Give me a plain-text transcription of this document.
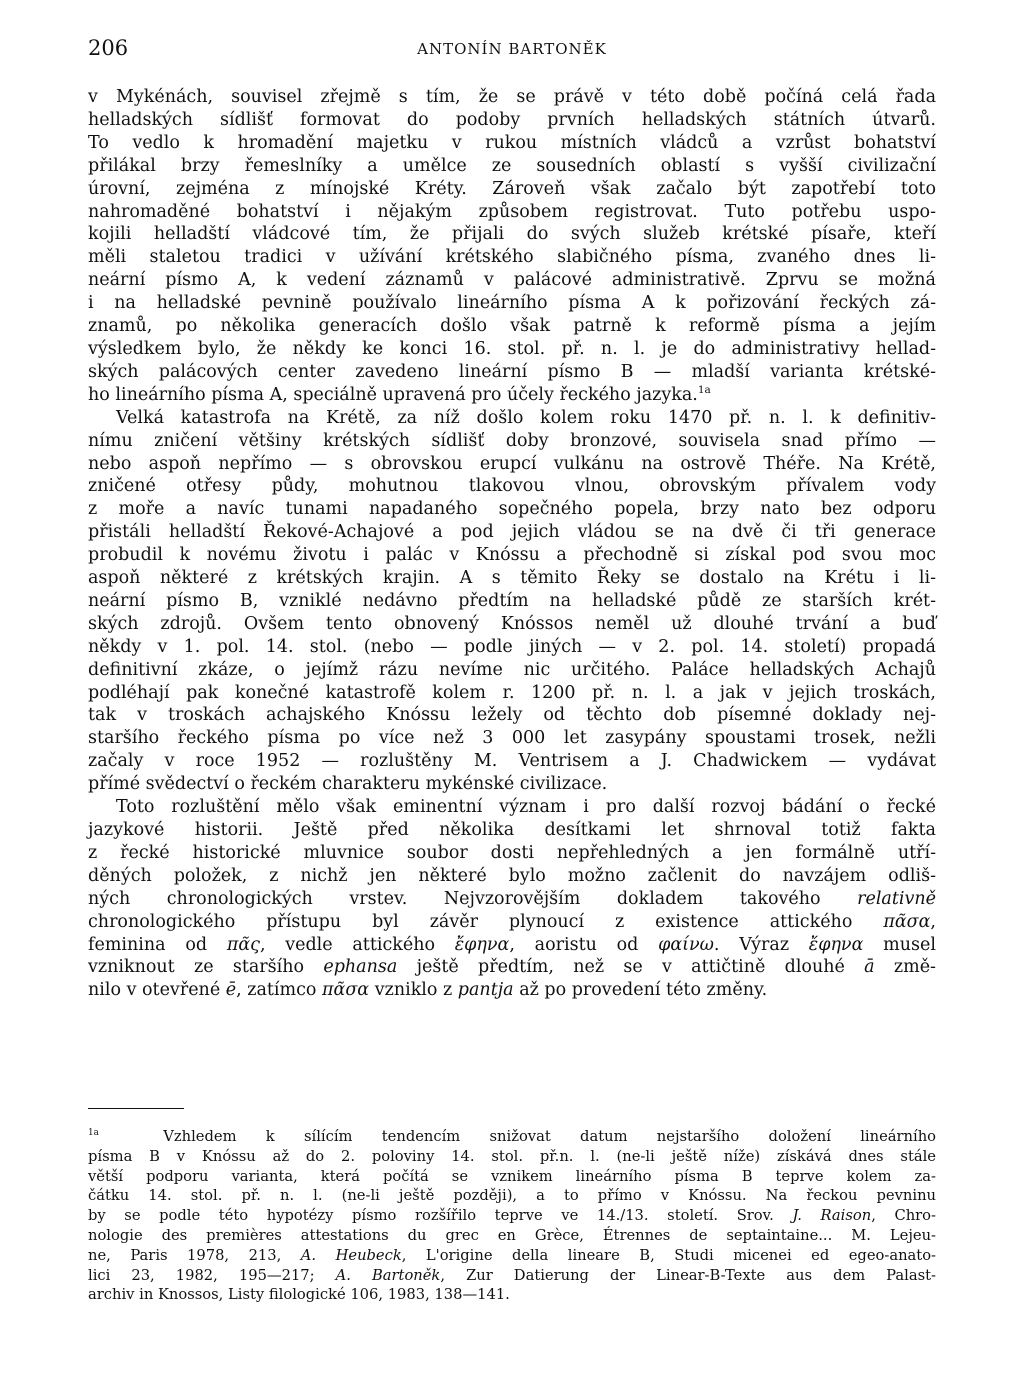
206	ANTONÍN BARTONĚK
v Mykénách, souvisel zřejmě s tím, že se právě v této době počíná celá řada
helladských sídlišť formovat do podoby prvních helladských státních útvarů.
To vedlo k hromadění majetku v rukou místních vládců a vzrůst bohatství
přilákal brzy řemeslníky a umělce ze sousedních oblastí s vyšší civilizační
úrovní, zejména z mínojské Kréty. Zároveň však začalo být zapotřebí toto
nahromaděné bohatství i nějakým způsobem registrovat. Tuto potřebu uspo-
kojili helladští vládcové tím, že přijali do svých služeb krétské písaře, kteří
měli staletou tradici v užívání krétského slabičného písma, zvaného dnes li-
neární písmo A, k vedení záznamů v palácové administrativě. Zprvu se možná
i na helladské pevnině používalo lineárního písma A k pořizování řeckých zá-
znamů, po několika generacích došlo však patrně k reformě písma a jejím
výsledkem bylo, že někdy ke konci 16. stol. př. n. l. je do administrativy hellad-
ských palácových center zavedeno lineární písmo B — mladší varianta krétské-
ho lineárního písma A, speciálně upravená pro účely řeckého jazyka.$^{1a}$
Velká katastrofa na Krétě, za níž došlo kolem roku 1470 př. n. l. k definitiv-
nímu zničení většiny krétských sídlišť doby bronzové, souvisela snad přímo —
nebo aspoň nepřímo — s obrovskou erupcí vulkánu na ostrově Théře. Na Krétě,
zničené otřesy půdy, mohutnou tlakovou vlnou, obrovským přívalem vody
z moře a navíc tunami napadaného sopečného popela, brzy nato bez odporu
přistáli helladští Řekové-Achajové a pod jejich vládou se na dvě či tři generace
probudil k novému životu i palác v Knóssu a přechodně si získal pod svou moc
aspoň některé z krétských krajin. A s těmito Řeky se dostalo na Krétu i li-
neární písmo B, vzniklé nedávno předtím na helladské půdě ze starších krét-
ských zdrojů. Ovšem tento obnovený Knóssos neměl už dlouhé trvání a buď
někdy v 1. pol. 14. stol. (nebo — podle jiných — v 2. pol. 14. století) propadá
definitivní zkáze, o jejímž rázu nevíme nic určitého. Paláce helladských Achajů
podléhají pak konečné katastrofě kolem r. 1200 př. n. l. a jak v jejich troskách,
tak v troskách achajského Knóssu ležely od těchto dob písemné doklady nej-
staršího řeckého písma po více než 3 000 let zasypány spoustami trosek, nežli
začaly v roce 1952 — rozluštěny M. Ventrisem a J. Chadwickem — vydávat
přímé svědectví o řeckém charakteru mykénské civilizace.
Toto rozluštění mělo však eminentní význam i pro další rozvoj bádání o řecké
jazykové historii. Ještě před několika desítkami let shrnoval totiž fakta
z řecké historické mluvnice soubor dosti nepřehledných a jen formálně utří-
děných položek, z nichž jen některé bylo možno začlenit do navzájem odliš-
ných chronologických vrstev. Nejvzorovějším dokladem takového relativně
chronologického přístupu byl závěr plynoucí z existence attického πᾶσα,
feminina od πᾶς, vedle attického ἔφηνα, aoristu od φαίνω. Výraz ἔφηνα musel
vzniknout ze staršího ephansa ještě předtím, než se v attičtině dlouhé ā změ-
nilo v otevřené ē, zatímco πᾶσα vzniklo z pantja až po provedení této změny.
$^{1a}$	Vzhledem k sílícím tendencím snižovat datum nejstaršího doložení lineárního
písma B v Knóssu až do 2. poloviny 14. stol. př.n. l. (ne-li ještě níže) získává dnes stále
větší podporu varianta, která počítá se vznikem lineárního písma B teprve kolem za-
čátku 14. stol. př. n. l. (ne-li ještě později), a to přímo v Knóssu. Na řeckou pevninu
by se podle této hypotézy písmo rozšířilo teprve ve 14./13. století. Srov. J. Raison, Chro-
nologie des premières attestations du grec en Grèce, Étrennes de septaintaine... M. Lejeu-
ne, Paris 1978, 213, A. Heubeck, L'origine della lineare B, Studi micenei ed egeo-anato-
lici 23, 1982, 195—217; A. Bartoněk, Zur Datierung der Linear-B-Texte aus dem Palast-
archiv in Knossos, Listy filologické 106, 1983, 138—141.
